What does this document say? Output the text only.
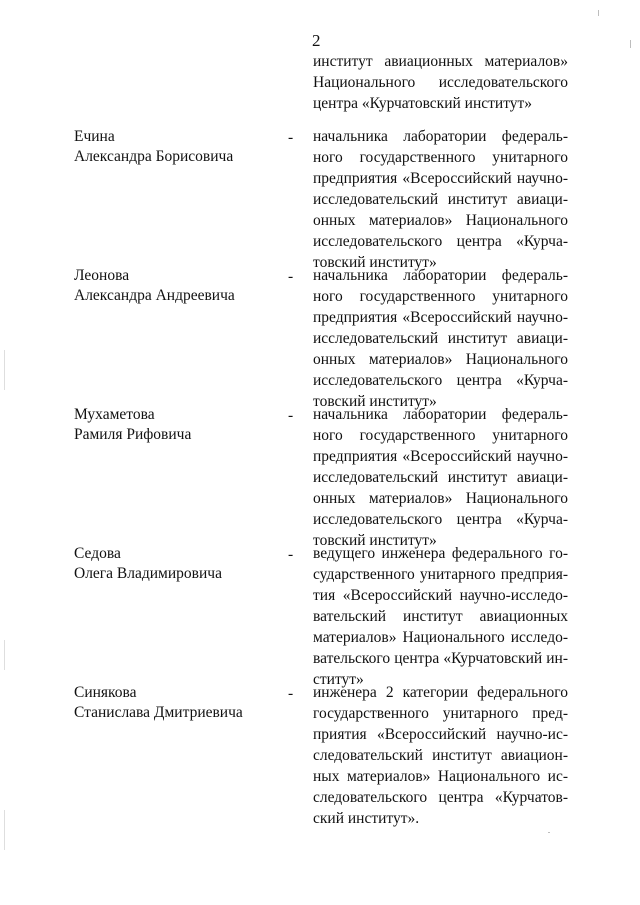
2
институт авиационных материалов»
Национального исследовательского
центра «Курчатовский институт»
Ечина
Александра Борисовича
- начальника лаборатории федераль-
ного государственного унитарного
предприятия «Всероссийский научно-
исследовательский институт авиаци-
онных материалов» Национального
исследовательского центра «Курча-
товский институт»
Леонова
Александра Андреевича
- начальника лаборатории федераль-
ного государственного унитарного
предприятия «Всероссийский научно-
исследовательский институт авиаци-
онных материалов» Национального
исследовательского центра «Курча-
товский институт»
Мухаметова
Рамиля Рифовича
- начальника лаборатории федераль-
ного государственного унитарного
предприятия «Всероссийский научно-
исследовательский институт авиаци-
онных материалов» Национального
исследовательского центра «Курча-
товский институт»
Седова
Олега Владимировича
- ведущего инженера федерального го-
сударственного унитарного предприя-
тия «Всероссийский научно-исследо-
вательский институт авиационных
материалов» Национального исследо-
вательского центра «Курчатовский ин-
ститут»
Синякова
Станислава Дмитриевича
- инженера 2 категории федерального
государственного унитарного пред-
приятия «Всероссийский научно-ис-
следовательский институт авиацион-
ных материалов» Национального ис-
следовательского центра «Курчатов-
ский институт».
